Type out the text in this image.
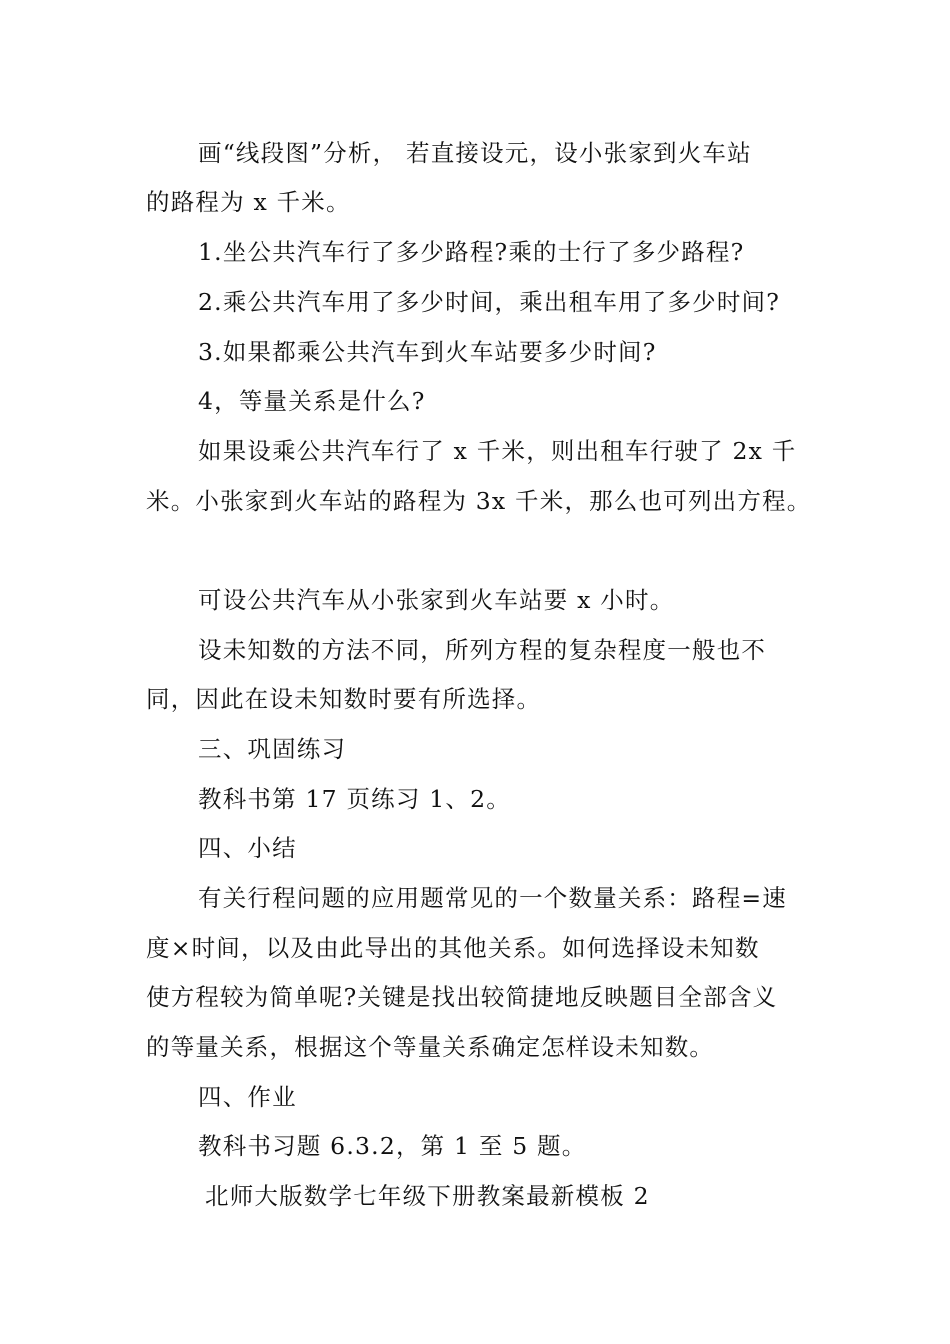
画“线段图”分析， 若直接设元，设小张家到火车站
的路程为 x 千米。
1.坐公共汽车行了多少路程?乘的士行了多少路程?
2.乘公共汽车用了多少时间，乘出租车用了多少时间?
3.如果都乘公共汽车到火车站要多少时间?
4，等量关系是什么?
如果设乘公共汽车行了 x 千米，则出租车行驶了 2x 千
米。小张家到火车站的路程为 3x 千米，那么也可列出方程。
可设公共汽车从小张家到火车站要 x 小时。
设未知数的方法不同，所列方程的复杂程度一般也不
同，因此在设未知数时要有所选择。
三、巩固练习
教科书第 17 页练习 1、2。
四、小结
有关行程问题的应用题常见的一个数量关系：路程=速
度×时间，以及由此导出的其他关系。如何选择设未知数
使方程较为简单呢?关键是找出较简捷地反映题目全部含义
的等量关系，根据这个等量关系确定怎样设未知数。
四、作业
教科书习题 6.3.2，第 1 至 5 题。
北师大版数学七年级下册教案最新模板 2
